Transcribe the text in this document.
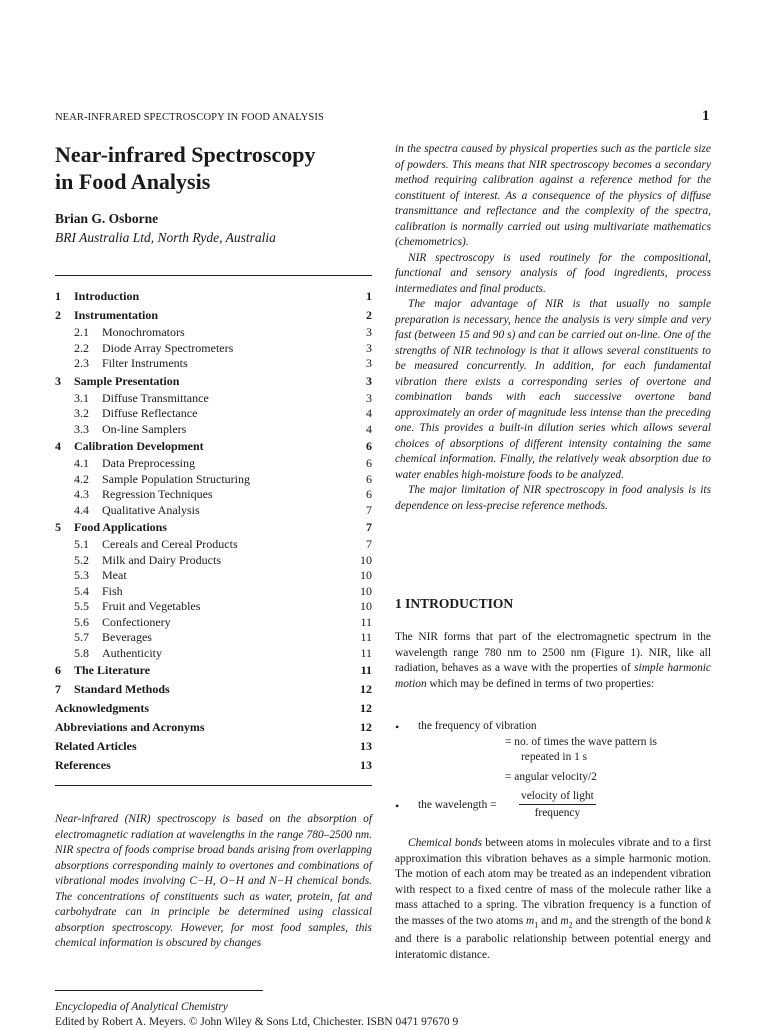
NEAR-INFRARED SPECTROSCOPY IN FOOD ANALYSIS	1
Near-infrared Spectroscopy
in Food Analysis
Brian G. Osborne
BRI Australia Ltd, North Ryde, Australia
1 Introduction	1
2 Instrumentation	2
2.1 Monochromators	3
2.2 Diode Array Spectrometers	3
2.3 Filter Instruments	3
3 Sample Presentation	3
3.1 Diffuse Transmittance	3
3.2 Diffuse Reflectance	4
3.3 On-line Samplers	4
4 Calibration Development	6
4.1 Data Preprocessing	6
4.2 Sample Population Structuring	6
4.3 Regression Techniques	6
4.4 Qualitative Analysis	7
5 Food Applications	7
5.1 Cereals and Cereal Products	7
5.2 Milk and Dairy Products	10
5.3 Meat	10
5.4 Fish	10
5.5 Fruit and Vegetables	10
5.6 Confectionery	11
5.7 Beverages	11
5.8 Authenticity	11
6 The Literature	11
7 Standard Methods	12
Acknowledgments	12
Abbreviations and Acronyms	12
Related Articles	13
References	13

Near-infrared (NIR) spectroscopy is based on the absorption of electromagnetic radiation at wavelengths in the range 780–2500 nm. NIR spectra of foods comprise broad bands arising from overlapping absorptions corresponding mainly to overtones and combinations of vibrational modes involving C−H, O−H and N−H chemical bonds. The concentrations of constituents such as water, protein, fat and carbohydrate can in principle be determined using classical absorption spectroscopy. However, for most food samples, this chemical information is obscured by changes

in the spectra caused by physical properties such as the particle size of powders. This means that NIR spectroscopy becomes a secondary method requiring calibration against a reference method for the constituent of interest. As a consequence of the physics of diffuse transmittance and reflectance and the complexity of the spectra, calibration is normally carried out using multivariate mathematics (chemometrics).

NIR spectroscopy is used routinely for the compositional, functional and sensory analysis of food ingredients, process intermediates and final products.

The major advantage of NIR is that usually no sample preparation is necessary, hence the analysis is very simple and very fast (between 15 and 90 s) and can be carried out on-line. One of the strengths of NIR technology is that it allows several constituents to be measured concurrently. In addition, for each fundamental vibration there exists a corresponding series of overtone and combination bands with each successive overtone band approximately an order of magnitude less intense than the preceding one. This provides a built-in dilution series which allows several choices of absorptions of different intensity containing the same chemical information. Finally, the relatively weak absorption due to water enables high-moisture foods to be analyzed.

The major limitation of NIR spectroscopy in food analysis is its dependence on less-precise reference methods.

1 INTRODUCTION

The NIR forms that part of the electromagnetic spectrum in the wavelength range 780 nm to 2500 nm (Figure 1). NIR, like all radiation, behaves as a wave with the properties of simple harmonic motion which may be defined in terms of two properties:

• the frequency of vibration
= no. of times the wave pattern is
repeated in 1 s
= angular velocity/2
• the wavelength =
velocity of light
frequency

Chemical bonds between atoms in molecules vibrate and to a first approximation this vibration behaves as a simple harmonic motion. The motion of each atom may be treated as an independent vibration with respect to a fixed centre of mass of the molecule rather like a mass attached to a spring. The vibration frequency is a function of the masses of the two atoms $m_1$ and $m_2$ and the strength of the bond k and there is a parabolic relationship between potential energy and interatomic distance.

Encyclopedia of Analytical Chemistry
Edited by Robert A. Meyers. © John Wiley & Sons Ltd, Chichester. ISBN 0471 97670 9
